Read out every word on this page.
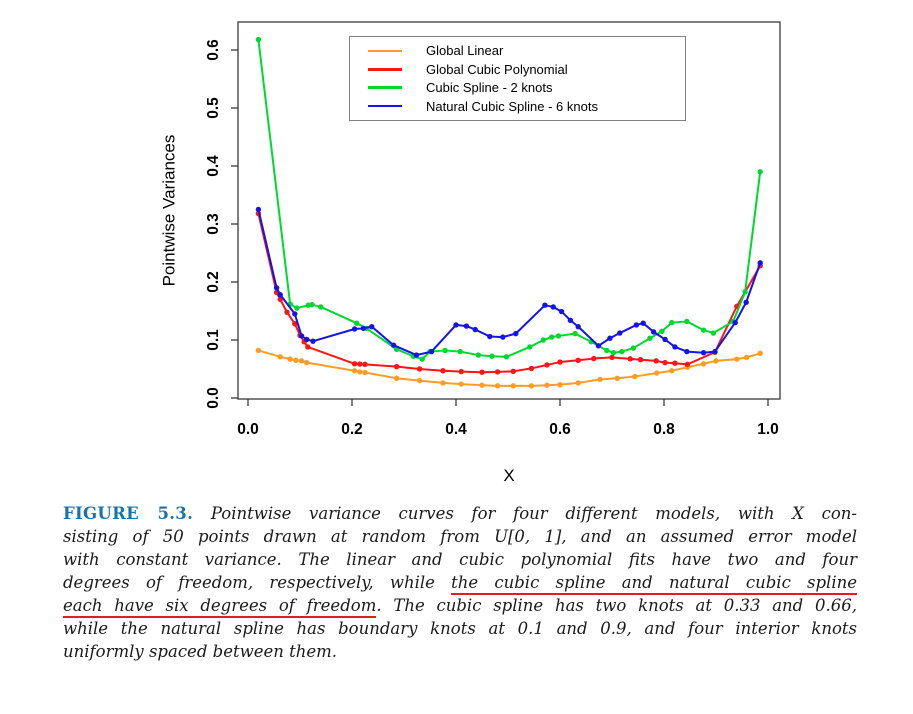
0.0	0.2	0.4	0.6	0.8	1.0
0.0
0.1
0.2
0.3
0.4
0.5
0.6
X
Pointwise Variances
Global Linear
Global Cubic Polynomial
Cubic Spline - 2 knots
Natural Cubic Spline - 6 knots
FIGURE 5.3. Pointwise variance curves for four different models, with X con-
sisting of 50 points drawn at random from U[0, 1], and an assumed error model
with constant variance. The linear and cubic polynomial fits have two and four
degrees of freedom, respectively, while the cubic spline and natural cubic spline
each have six degrees of freedom. The cubic spline has two knots at 0.33 and 0.66,
while the natural spline has boundary knots at 0.1 and 0.9, and four interior knots
uniformly spaced between them.
